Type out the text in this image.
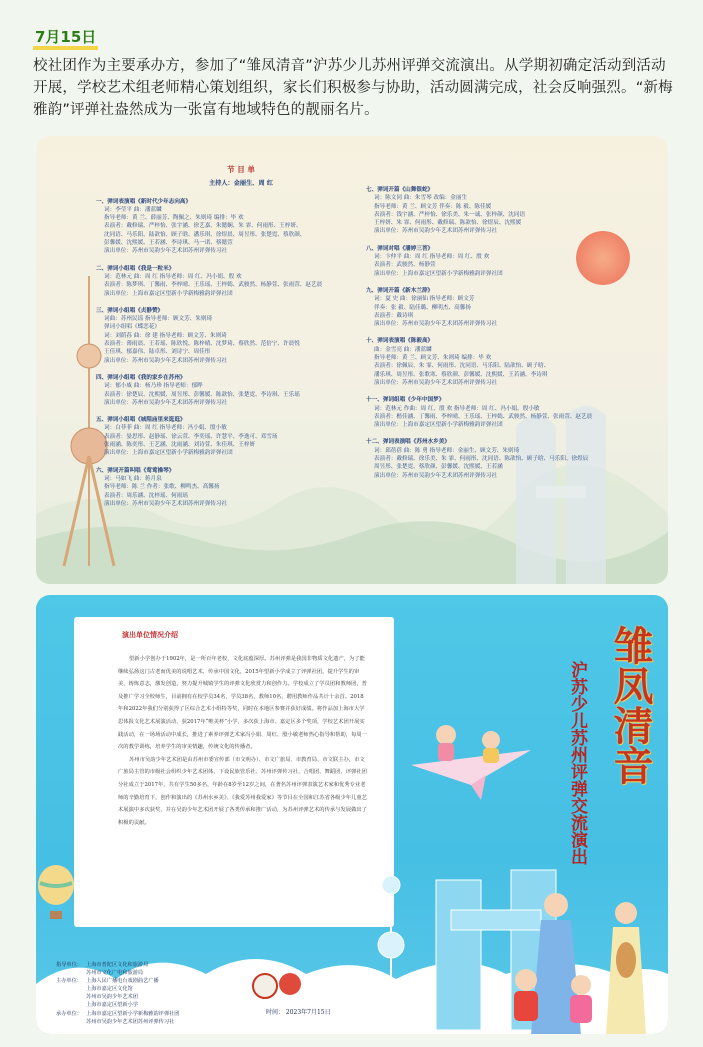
7月15日
校社团作为主要承办方，参加了“雏凤清音”沪苏少儿苏州评弹交流演出。从学期初确定活动到活动开展，学校艺术组老师精心策划组织，家长们积极参与协助，活动圆满完成，社会反响强烈。“新梅雅韵”评弹社盎然成为一张富有地域特色的靓丽名片。
节 目 单
主持人：金丽生、周 红
一、弹词表演唱《新时代少年志向高》
词：李莹平 曲：潘蓝麟
指导老师：黄 兰、薛丽芳、陶佩之、朱则琦 编排：毕 欢
表演者：戴修瑞、严梓怡、张宇涵、徐艺嘉、朱懿娴、朱 霏、何雨彤、王梓妍、
沈同语、马乐阳、陆歆怡、顾子晗、潘乐琪、徐煜晨、周昱彤、张楚霓、蔡欣颜、
彭馨媛、沈熙媛、王若涵、李诗琪、马一诺、蔡懿萱
演出单位：苏州市吴韵少年艺术团苏州评弹传习社
二、弹词小组唱《我是一粒米》
词：范林元 曲：周 红 指导老师：周 红、冯小娟、殷 欢
表演者：陈梦琪、丁馨雨、李梓晴、王乐瑶、王梓嫣、武骏然、杨静萱、张雨萱、赵艺晨
演出单位：上海市嘉定区望新小学新梅雅韵评弹社团
三、弹词小组唱《贞静赞》
词曲：苏州民谣 指导老师：顾文芳、朱则琦
弹词小组唱《蝶恋花》
词：刘荫荪 曲：徐 建 指导老师：顾文芳、朱则琦
表演者：薄雨晨、王若瑶、陈欣悦、陈梓晴、沈梦琦、蔡欣然、范倍宁、许晨悦
王佳琪、郁嘉伟、陆卓彤、刘诗宁、周佳彤
演出单位：苏州市吴韵少年艺术团苏州评弹传习社
四、弹词小组唱《我的家乡在苏州》
词：郁小威 曲：杨乃珍 指导老师：郁晔
表演者：徐楚辰、沈熙媛、周昱彤、彭馨媛、陈歆怡、张楚霓、李诗琪、王乐瑶
演出单位：苏州市吴韵少年艺术团苏州评弹传习社
五、弹词小组唱《城隍庙里来逛逛》
词：白菲菲 曲：周 红 指导老师：冯小娟、殷小敏
表演者：晏思彤、赵静瑶、徐云萱、李奕瑶、许慧平、李逸可、邓雪玚
张雨涵、陈奕彤、王艺涵、沈雨涵、刘诗萱、朱佳琪、王梓妍
演出单位：上海市嘉定区望新小学新梅雅韵评弹社团
六、弹词开篇叫唱《莺莺操琴》
词：马如飞 曲：蒋月泉
指导老师：陈 兰 作者：张歌、柳鸣杰、高馨扬
表演者：周乐涵、沈梓瑶、何雨瑶
演出单位：苏州市吴韵少年艺术团苏州评弹传习社
七、弹词开篇《山舞银蛇》
词：陈文同 曲：朱雪琴 改编：金丽生
指导老师：黄 兰、顾文芳 伴奏：陈 毅、陈佳媛
表演者：钱宇涵、严梓怡、徐乐美、朱一诚、张梓颜、沈同语
王梓妍、朱 霏、何雨彤、戴修瑞、陈歆怡、徐煜辰、沈熙媛
演出单位：苏州市吴韵少年艺术团苏州评弹传习社
八、弹词对唱《潘婷三菩》
词：卞仲平 曲：周 红 指导老师：周 红、殷 欢
表演者：武骏然、杨静萱
演出单位：上海市嘉定区望新小学新梅雅韵评弹社团
九、弹词开篇《新木兰辞》
词：夏 史 曲：徐丽仙 指导老师：顾文芳
伴奏：张 毅、陆佳璐、柳明杰、高馨扬
表演者：戴诗琪
演出单位：苏州市吴韵少年艺术团苏州评弹传习社
十、弹词表演唱《陈毅高》
曲：金雪亮 曲：潘蓝麟
指导老师：黄 兰、顾文芳、朱则琦 编排：毕 欢
表演者：徐佩辰、朱 霏、何雨彤、沈同语、马乐阳、陆歆怡、顾子晗、
潘乐琪、周昱彤、张歌寒、蔡欣颜、彭馨媛、沈熙媛、王若涵、李诗琪
演出单位：苏州市吴韵少年艺术团苏州评弹传习社
十一、弹词组唱《少年中国梦》
词：范林元 作曲：周 红、殷 欢 指导老师：周 红、冯小娟、殷小敏
表演者：楷佳涵、丁馨雨、李梓晴、王乐瑶、王梓嫣、武骏然、杨静萱、张雨萱、赵艺晨
演出单位：上海市嘉定区望新小学新梅雅韵评弹社团
十二、弹词表演唱《苏州水乡美》
词：邱蓓蓓 曲：陈 勇 指导老师：金丽生、顾文芳、朱则琦
表演者：戴修瑞、徐乐美、朱 霏、何雨彤、沈同语、陈歆怡、顾子晗、马乐阳、徐煜辰
周昱彤、张楚霓、蔡欣颜、彭馨媛、沈熙媛、王若涵
演出单位：苏州市吴韵少年艺术团苏州评弹传习社
演出单位情况介绍

望新小学创办于1902年，是一所百年老校，文化底蕴深厚。苏州评弹是我国非物质文化遗产，为了能继续弘扬这门古老而优美的说唱艺术，传承中国文化，2015年望新小学成立了评弹社团，提升学生的审美，铸炼意志，激发创造，努力提升城镇学生的评弹文化欣赏力和创作力。学校成立了学员团和教师团，普及推广学习全校师生，目前拥有在校学员34名，学员38名，教师10名，聘用教师作品共计十余首。2018年和2022年我们分别获得了区综合艺术小组特等奖，同时在本地区参赛并获好成绩。将作品加上海市大学思体报文化艺术展演活动，获2017年“唯美杯”小学，多次获上海市、嘉定区多个奖项，学校艺术团开展实践活动，在一场场活动中成长，推进了素养评弹艺术家冯小娟、周红、殷小敏老师热心指导和帮助，每周一次的教学训练，培养学生的审美情趣，传统文化的传播者。

苏州市吴韵少年艺术团是由苏州市委宣传部（市文明办）、市文广旅局、市教育局、市文联主办，市文广旅局主管的市级社会组织少年艺术团体，下设民族管乐社、苏州评弹传习社，合唱团、舞蹈团、评弹社团分社成立于2017年，共有学生50多名，年龄在8岁至12岁之间，在著名苏州评弹表演艺术家和优秀专业老师的辛勤培育下，创作和演出的《苏州水乡美》、《我爱苏州我爱家》等节目在全国和江苏省各级少年儿童艺术展演中多次获奖，并在吴韵少年艺术团开展了各类传承和推广活动，为苏州评弹艺术的传承与发展做出了积极的贡献。

雏凤清音
沪苏少儿苏州评弹交流演出
指导单位： 上海市普陀区文化和旅游局
苏州市文化广电和旅游局
主办单位： 上海人民广播电台戏剧曲艺广播
上海市嘉定区文化馆
苏州市吴韵少年艺术团
上海市嘉定区望新小学
承办单位： 上海市嘉定区望新小学新梅雅韵评弹社团
苏州市吴韵少年艺术团苏州评弹传习社
时间： 2023年7月15日
